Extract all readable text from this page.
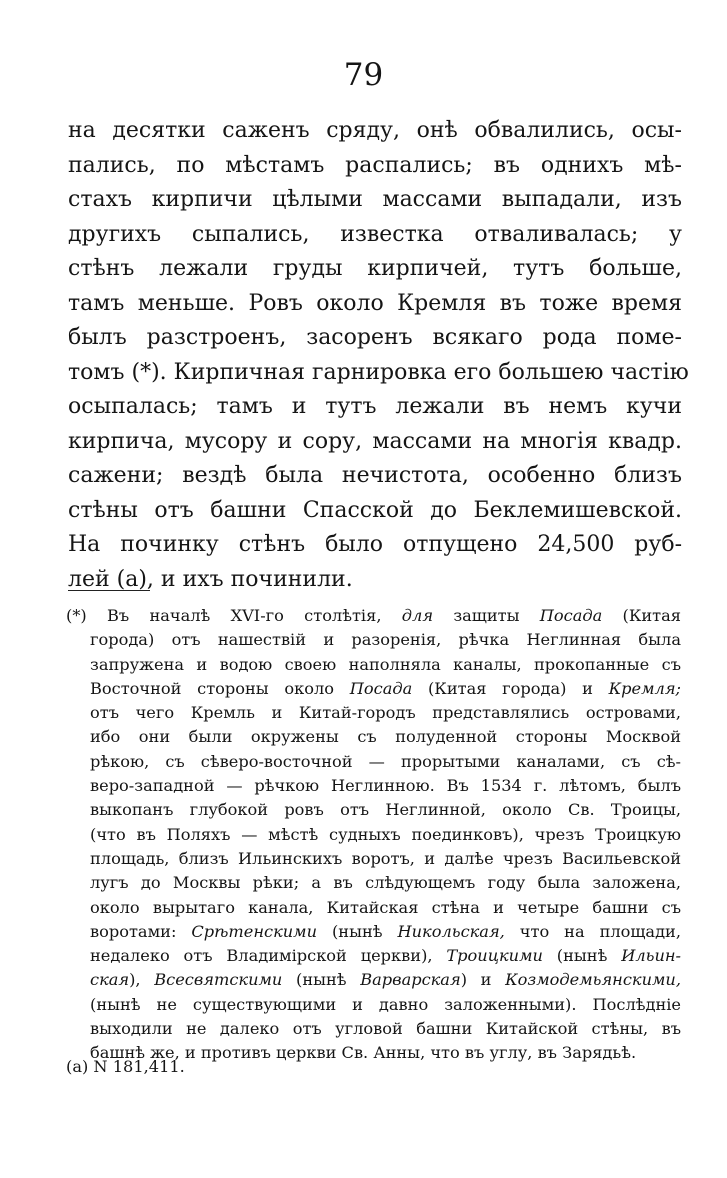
79
на десятки саженъ сряду, онѣ обвалились, осы-
пались, по мѣстамъ распались; въ однихъ мѣ-
стахъ кирпичи цѣлыми массами выпадали, изъ
другихъ сыпались, известка отваливалась; у
стѣнъ лежали груды кирпичей, тутъ больше,
тамъ меньше. Ровъ около Кремля въ тоже время
былъ разстроенъ, засоренъ всякаго рода поме-
томъ (*). Кирпичная гарнировка его большею частію
осыпалась; тамъ и тутъ лежали въ немъ кучи
кирпича, мусору и сору, массами на многія квадр.
сажени; вездѣ была нечистота, особенно близъ
стѣны отъ башни Спасской до Беклемишевской.
На починку стѣнъ было отпущено 24,500 руб-
лей (а), и ихъ починили.
(*) Въ началѣ XVI-го столѣтія, для защиты Посада (Китая
города) отъ нашествій и разоренія, рѣчка Неглинная была
запружена и водою своею наполняла каналы, прокопанные съ
Восточной стороны около Посада (Китая города) и Кремля;
отъ чего Кремль и Китай-городъ представлялись островами,
ибо они были окружены съ полуденной стороны Москвой
рѣкою, съ сѣверо-восточной — прорытыми каналами, съ сѣ-
веро-западной — рѣчкою Неглинною. Въ 1534 г. лѣтомъ, былъ
выкопанъ глубокой ровъ отъ Неглинной, около Св. Троицы,
(что въ Поляхъ — мѣстѣ судныхъ поединковъ), чрезъ Троицкую
площадь, близъ Ильинскихъ воротъ, и далѣе чрезъ Васильевской
лугъ до Москвы рѣки; а въ слѣдующемъ году была заложена,
около вырытаго канала, Китайская стѣна и четыре башни съ
воротами: Срѣтенскими (нынѣ Никольская, что на площади,
недалеко отъ Владимірской церкви), Троицкими (нынѣ Ильин-
ская), Всесвятскими (нынѣ Варварская) и Козмодемьянскими,
(нынѣ не существующими и давно заложенными). Послѣдніе
выходили не далеко отъ угловой башни Китайской стѣны, въ
башнѣ же, и противъ церкви Св. Анны, что въ углу, въ Зарядьѣ.
(а) N 181,411.
